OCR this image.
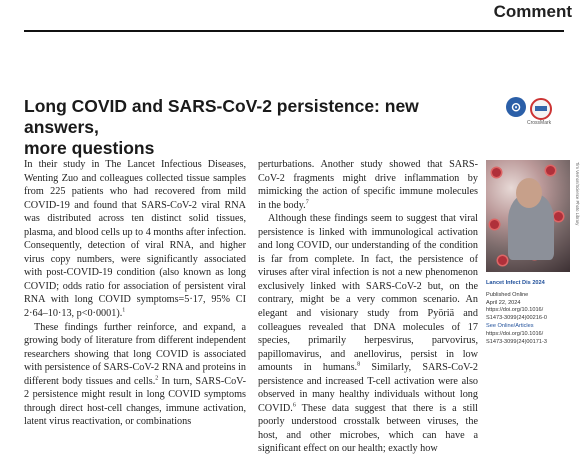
Comment
Long COVID and SARS-CoV-2 persistence: new answers,
more questions
⊙
CrossMark

In their study in The Lancet Infectious Diseases, Wenting Zuo and colleagues collected tissue samples from 225 patients who had recovered from mild COVID-19 and found that SARS-CoV-2 viral RNA was distributed across ten distinct solid tissues, plasma, and blood cells up to 4 months after infection. Consequently, detection of viral RNA, and higher virus copy numbers, were significantly associated with post-COVID-19 condition (also known as long COVID; odds ratio for association of persistent viral RNA with long COVID symptoms=5·17, 95% CI 2·64–10·13, p<0·0001).$^1$

These findings further reinforce, and expand, a growing body of literature from different independent researchers showing that long COVID is associated with persistence of SARS-CoV-2 RNA and proteins in different body tissues and cells.$^2$ In turn, SARS-CoV-2 persistence might result in long COVID symptoms through direct host-cell changes, immune activation, latent virus reactivation, or combinations

perturbations. Another study showed that SARS-CoV-2 fragments might drive inflammation by mimicking the action of specific immune molecules in the body.$^7$

Although these findings seem to suggest that viral persistence is linked with immunological activation and long COVID, our understanding of the condition is far from complete. In fact, the persistence of viruses after viral infection is not a new phenomenon exclusively linked with SARS-CoV-2 but, on the contrary, might be a very common scenario. An elegant and visionary study from Pyöriä and colleagues revealed that DNA molecules of 17 species, primarily herpesvirus, parvovirus, papillomavirus, and anellovirus, persist in low amounts in humans.$^8$ Similarly, SARS-CoV-2 persistence and increased T-cell activation were also observed in many healthy individuals without long COVID.$^6$ These data suggest that there is a still poorly understood crosstalk between viruses, the host, and other microbes, which can have a significant effect on our health; exactly how

Tim Vernon/Science Photo Library
Lancet Infect Dis 2024
Published Online
April 22, 2024
https://doi.org/10.1016/
S1473-3099(24)00216-0
See Online/Articles
https://doi.org/10.1016/
S1473-3099(24)00171-3
